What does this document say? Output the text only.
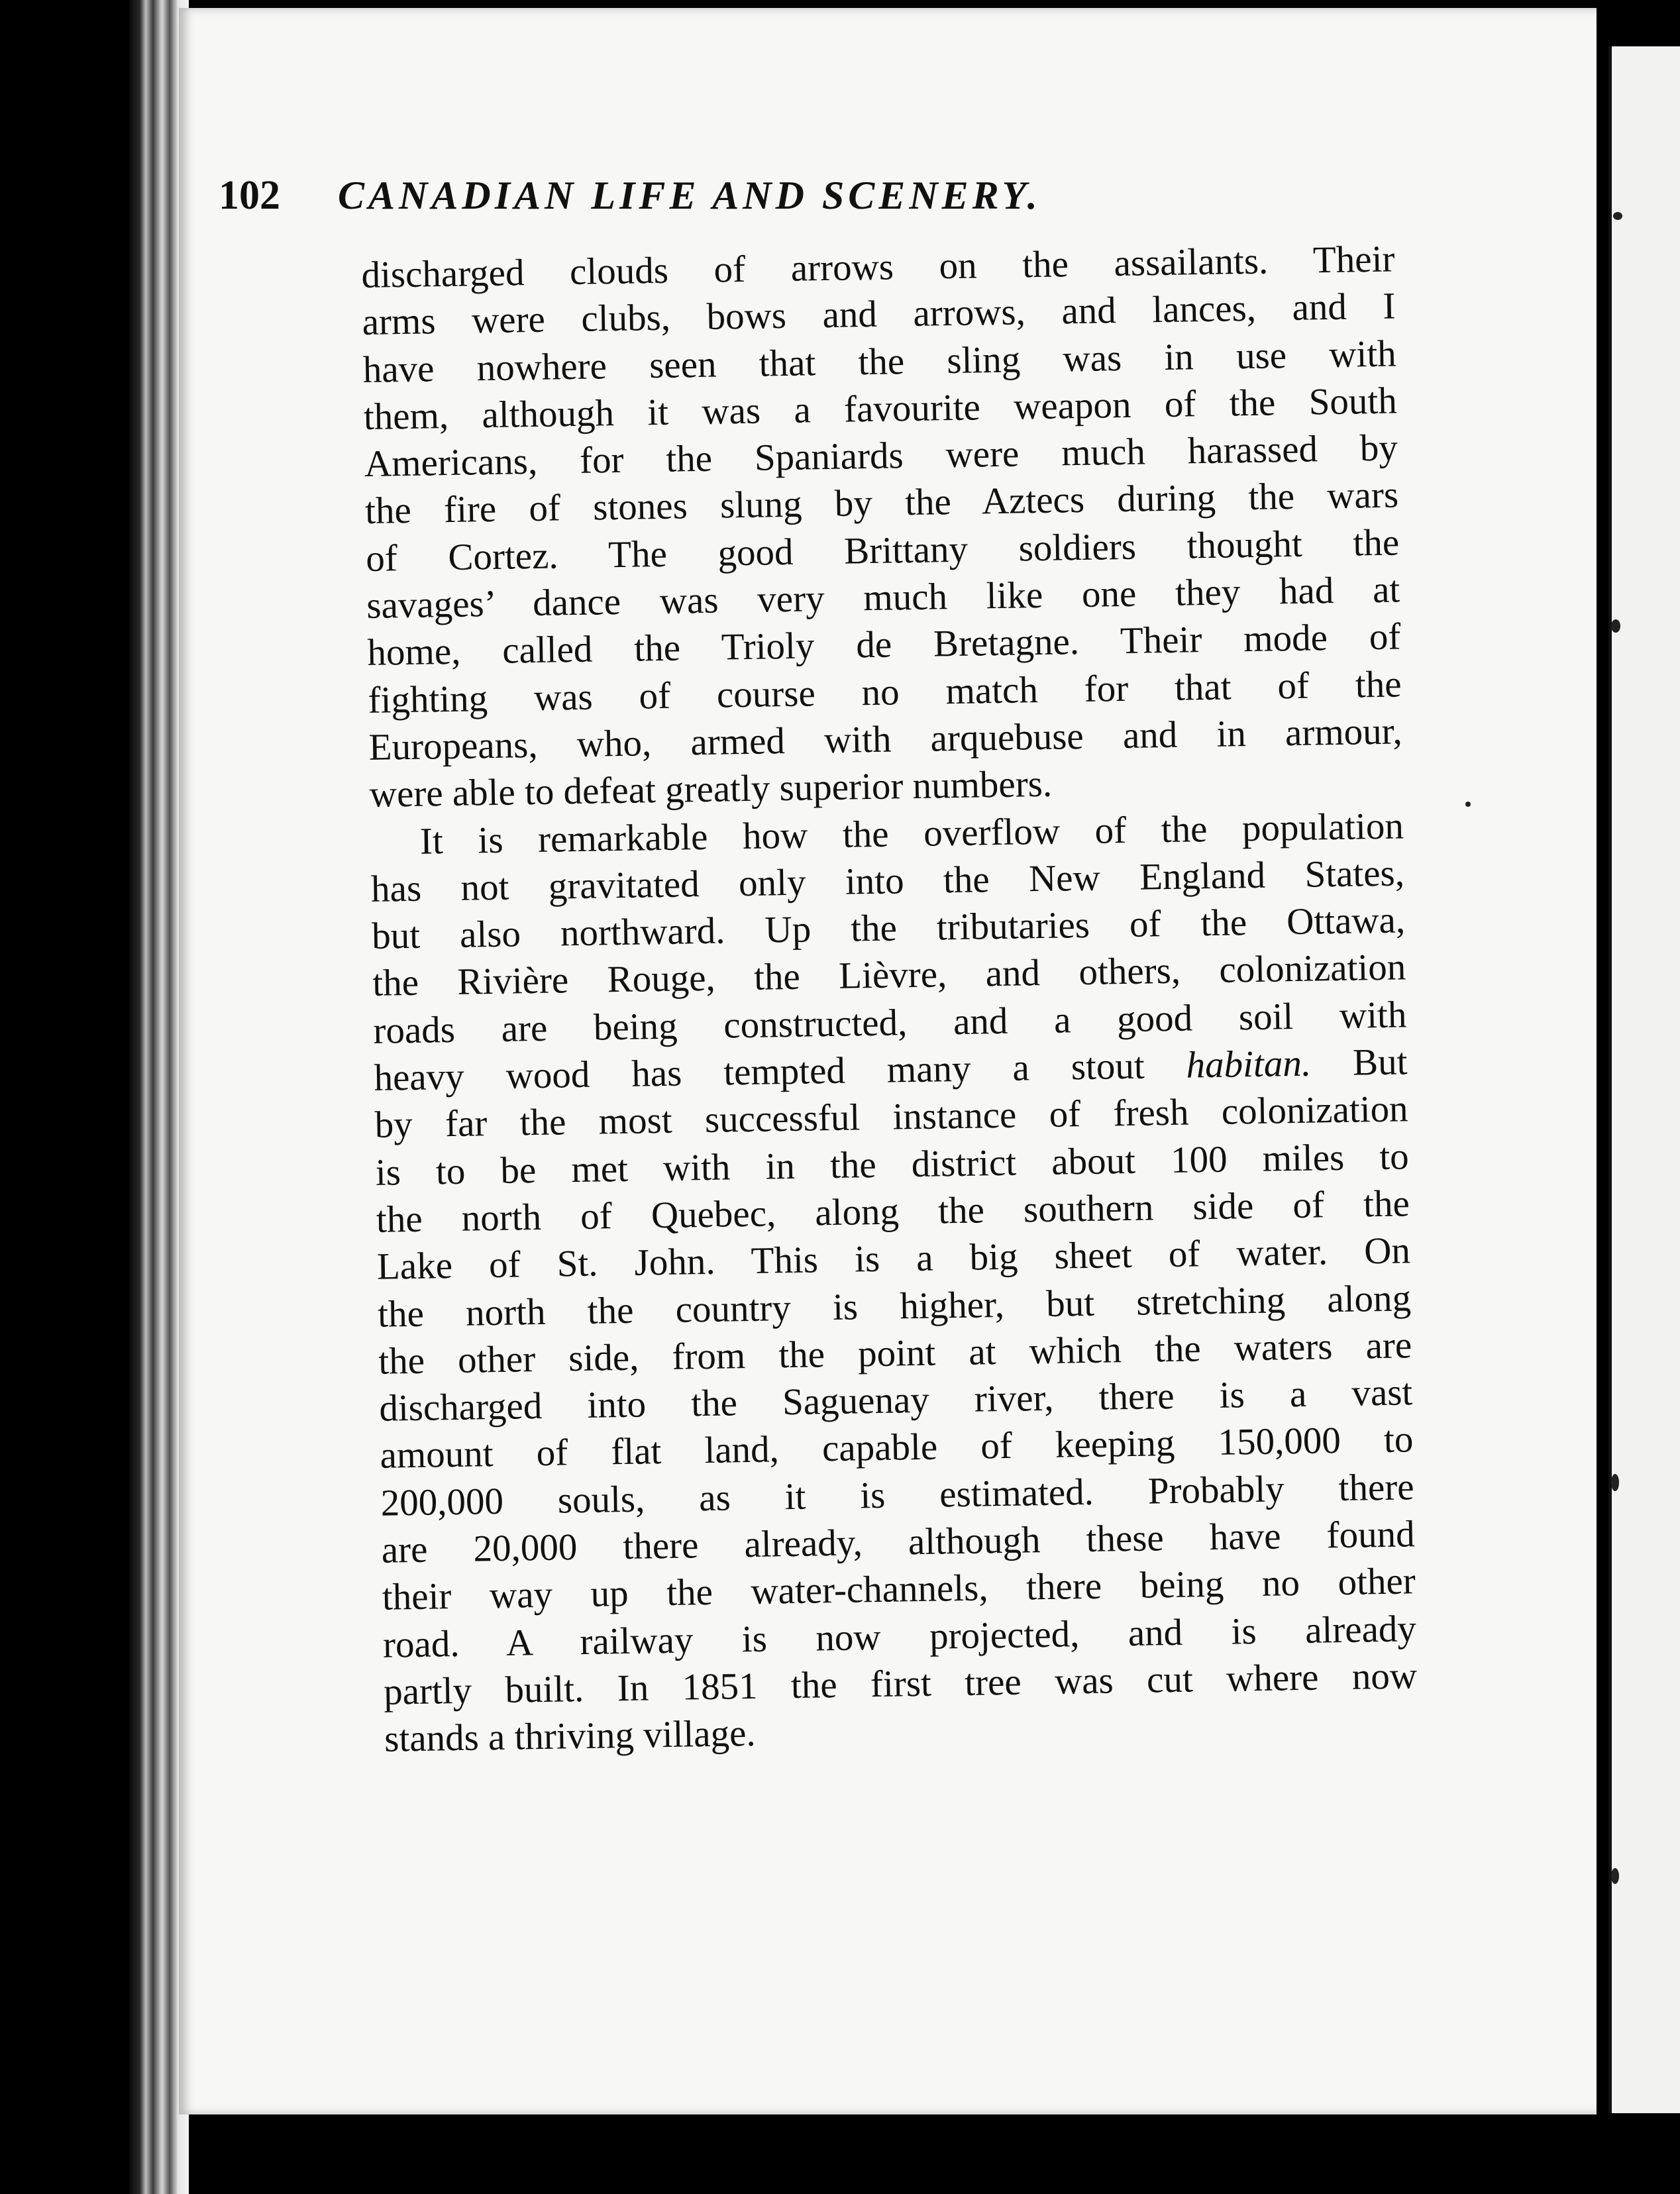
102 CANADIAN LIFE AND SCENERY.
discharged clouds of arrows on the assailants. Their
arms were clubs, bows and arrows, and lances, and I
have nowhere seen that the sling was in use with
them, although it was a favourite weapon of the South
Americans, for the Spaniards were much harassed by
the fire of stones slung by the Aztecs during the wars
of Cortez. The good Brittany soldiers thought the
savages’ dance was very much like one they had at
home, called the Trioly de Bretagne. Their mode of
fighting was of course no match for that of the
Europeans, who, armed with arquebuse and in armour,
were able to defeat greatly superior numbers.
It is remarkable how the overflow of the population
has not gravitated only into the New England States,
but also northward. Up the tributaries of the Ottawa,
the Rivière Rouge, the Lièvre, and others, colonization
roads are being constructed, and a good soil with
heavy wood has tempted many a stout habitan. But
by far the most successful instance of fresh colonization
is to be met with in the district about 100 miles to
the north of Quebec, along the southern side of the
Lake of St. John. This is a big sheet of water. On
the north the country is higher, but stretching along
the other side, from the point at which the waters are
discharged into the Saguenay river, there is a vast
amount of flat land, capable of keeping 150,000 to
200,000 souls, as it is estimated. Probably there
are 20,000 there already, although these have found
their way up the water-channels, there being no other
road. A railway is now projected, and is already
partly built. In 1851 the first tree was cut where now
stands a thriving village.
